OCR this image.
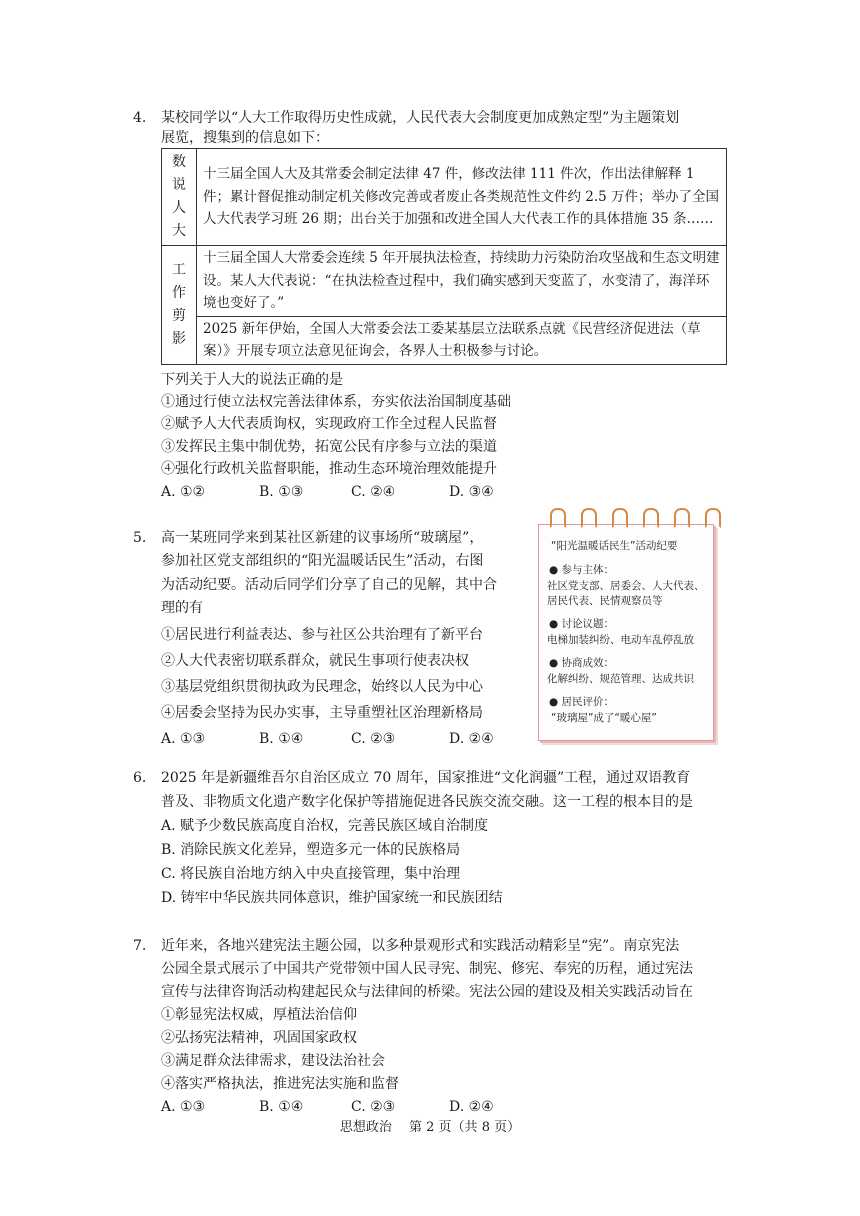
4. 某校同学以“人大工作取得历史性成就，人民代表大会制度更加成熟定型”为主题策划
展览，搜集到的信息如下：
数
说
人
大	十三届全国人大及其常委会制定法律 47 件，修改法律 111 件次，作出法律解释 1 件；累计督促推动制定机关修改完善或者废止各类规范性文件约 2.5 万件；举办了全国人大代表学习班 26 期；出台关于加强和改进全国人大代表工作的具体措施 35 条……

工
作
剪
影	十三届全国人大常委会连续 5 年开展执法检查，持续助力污染防治攻坚战和生态文明建设。某人大代表说：“在执法检查过程中，我们确实感到天变蓝了，水变清了，海洋环境也变好了。”
	2025 新年伊始，全国人大常委会法工委某基层立法联系点就《民营经济促进法（草案）》开展专项立法意见征询会，各界人士积极参与讨论。
下列关于人大的说法正确的是
①通过行使立法权完善法律体系，夯实依法治国制度基础
②赋予人大代表质询权，实现政府工作全过程人民监督
③发挥民主集中制优势，拓宽公民有序参与立法的渠道
④强化行政机关监督职能，推动生态环境治理效能提升
A. ①②	B. ①③	C. ②④	D. ③④
5. 高一某班同学来到某社区新建的议事场所“玻璃屋”，
参加社区党支部组织的“阳光温暖话民生”活动，右图
为活动纪要。活动后同学们分享了自己的见解，其中合
理的有
①居民进行利益表达、参与社区公共治理有了新平台
②人大代表密切联系群众，就民生事项行使表决权
③基层党组织贯彻执政为民理念，始终以人民为中心
④居委会坚持为民办实事，主导重塑社区治理新格局
A. ①③	B. ①④	C. ②③	D. ②④
“阳光温暖话民生”活动纪要
● 参与主体：
社区党支部、居委会、人大代表、
居民代表、民情观察员等
● 讨论议题：
电梯加装纠纷、电动车乱停乱放
● 协商成效：
化解纠纷、规范管理、达成共识
● 居民评价：
“玻璃屋”成了“暖心屋”
6. 2025 年是新疆维吾尔自治区成立 70 周年，国家推进“文化润疆”工程，通过双语教育
普及、非物质文化遗产数字化保护等措施促进各民族交流交融。这一工程的根本目的是
A. 赋予少数民族高度自治权，完善民族区域自治制度
B. 消除民族文化差异，塑造多元一体的民族格局
C. 将民族自治地方纳入中央直接管理，集中治理
D. 铸牢中华民族共同体意识，维护国家统一和民族团结
7. 近年来，各地兴建宪法主题公园，以多种景观形式和实践活动精彩呈“宪”。南京宪法
公园全景式展示了中国共产党带领中国人民寻宪、制宪、修宪、奉宪的历程，通过宪法
宣传与法律咨询活动构建起民众与法律间的桥梁。宪法公园的建设及相关实践活动旨在
①彰显宪法权威，厚植法治信仰
②弘扬宪法精神，巩固国家政权
③满足群众法律需求，建设法治社会
④落实严格执法，推进宪法实施和监督
A. ①③	B. ①④	C. ②③	D. ②④
思想政治　 第 2 页（共 8 页）
